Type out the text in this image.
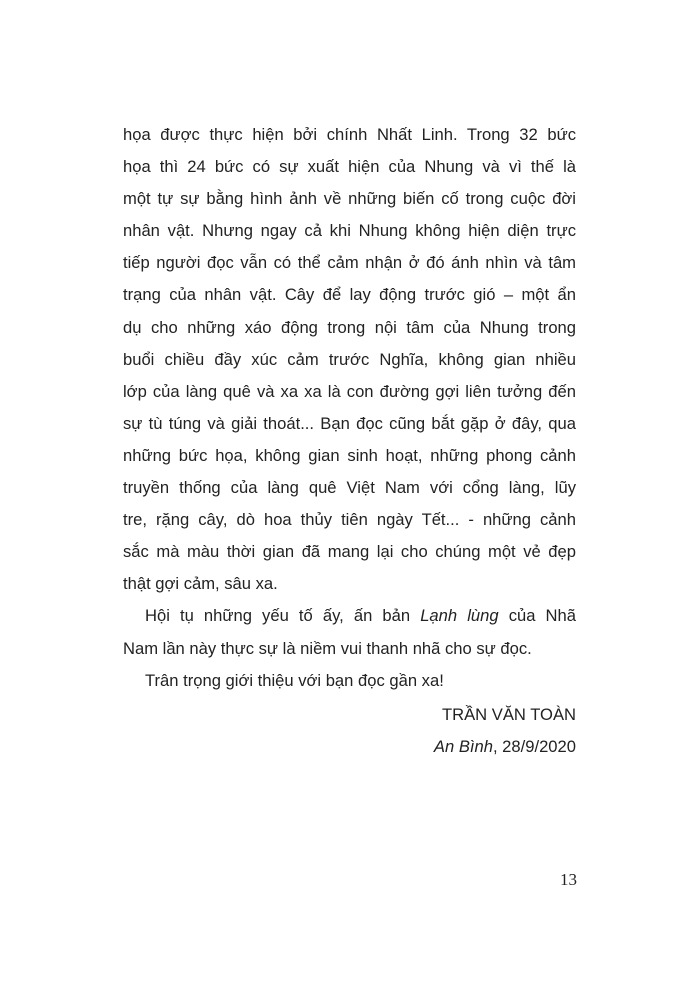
họa được thực hiện bởi chính Nhất Linh. Trong 32 bức
họa thì 24 bức có sự xuất hiện của Nhung và vì thế là
một tự sự bằng hình ảnh về những biến cố trong cuộc đời
nhân vật. Nhưng ngay cả khi Nhung không hiện diện trực
tiếp người đọc vẫn có thể cảm nhận ở đó ánh nhìn và tâm
trạng của nhân vật. Cây để lay động trước gió – một ẩn
dụ cho những xáo động trong nội tâm của Nhung trong
buổi chiều đầy xúc cảm trước Nghĩa, không gian nhiều
lớp của làng quê và xa xa là con đường gợi liên tưởng đến
sự tù túng và giải thoát... Bạn đọc cũng bắt gặp ở đây, qua
những bức họa, không gian sinh hoạt, những phong cảnh
truyền thống của làng quê Việt Nam với cổng làng, lũy
tre, rặng cây, dò hoa thủy tiên ngày Tết... - những cảnh
sắc mà màu thời gian đã mang lại cho chúng một vẻ đẹp
thật gợi cảm, sâu xa.
Hội tụ những yếu tố ấy, ấn bản Lạnh lùng của Nhã
Nam lần này thực sự là niềm vui thanh nhã cho sự đọc.
Trân trọng giới thiệu với bạn đọc gần xa!
TRẦN VĂN TOÀN
An Bình, 28/9/2020
13
